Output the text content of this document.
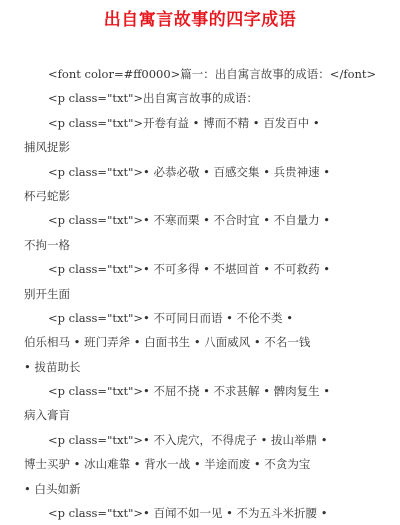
出自寓言故事的四字成语
<font color=#ff0000>篇一：出自寓言故事的成语：</font>
<p class="txt">出自寓言故事的成语：
<p class="txt">开卷有益 • 博而不精 • 百发百中 •
捕风捉影
<p class="txt">• 必恭必敬 • 百感交集 • 兵贵神速 •
杯弓蛇影
<p class="txt">• 不寒而栗 • 不合时宜 • 不自量力 •
不拘一格
<p class="txt">• 不可多得 • 不堪回首 • 不可救药 •
别开生面
<p class="txt">• 不可同日而语 • 不伦不类 •
伯乐相马 • 班门弄斧 • 白面书生 • 八面威风 • 不名一钱
• 拔苗助长
<p class="txt">• 不屈不挠 • 不求甚解 • 髀肉复生 •
病入膏肓
<p class="txt">• 不入虎穴，不得虎子 • 拔山举鼎 •
博士买驴 • 冰山难靠 • 背水一战 • 半途而废 • 不贪为宝
• 白头如新
<p class="txt">• 百闻不如一见 • 不为五斗米折腰 •
